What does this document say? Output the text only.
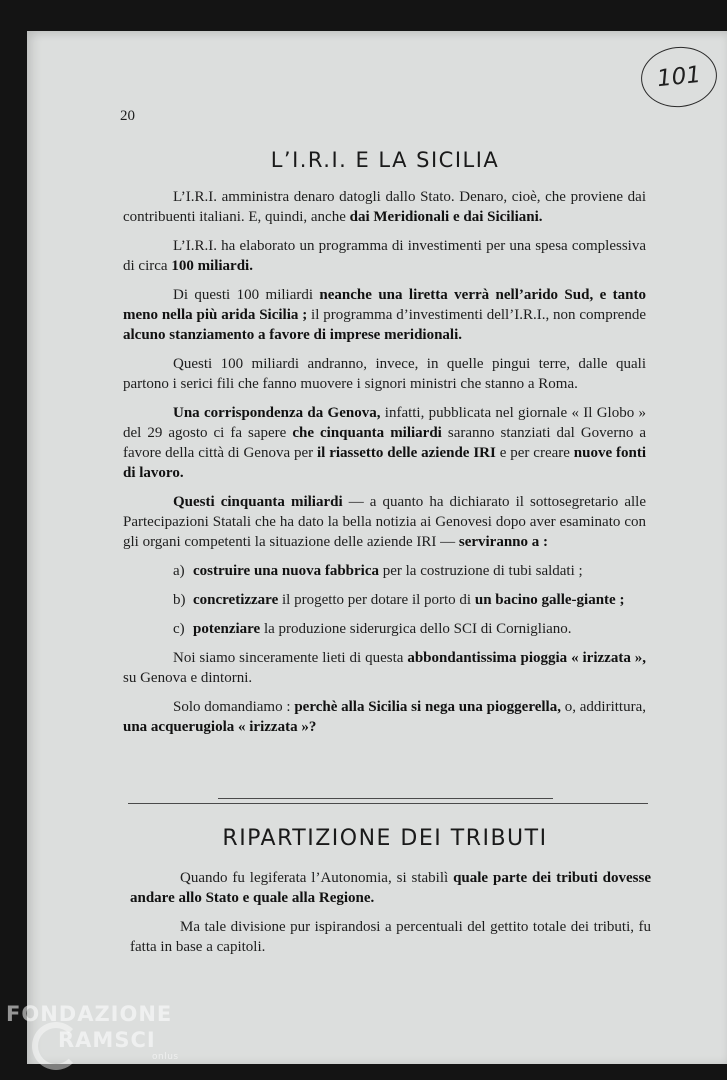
101
20
L’I.R.I. E LA SICILIA

L’I.R.I. amministra denaro datogli dallo Stato. Denaro, cioè, che proviene dai contribuenti italiani. E, quindi, anche dai Meridionali e dai Siciliani.

L’I.R.I. ha elaborato un programma di investimenti per una spesa complessiva di circa 100 miliardi.

Di questi 100 miliardi neanche una liretta verrà nell’arido Sud, e tanto meno nella più arida Sicilia ; il programma d’investimenti dell’I.R.I., non comprende alcuno stanziamento a favore di imprese meridionali.

Questi 100 miliardi andranno, invece, in quelle pingui terre, dalle quali partono i serici fili che fanno muovere i signori ministri che stanno a Roma.

Una corrispondenza da Genova, infatti, pubblicata nel giornale « Il Globo » del 29 agosto ci fa sapere che cinquanta miliardi saranno stanziati dal Governo a favore della città di Genova per il riassetto delle aziende IRI e per creare nuove fonti di lavoro.

Questi cinquanta miliardi — a quanto ha dichiarato il sottosegretario alle Partecipazioni Statali che ha dato la bella notizia ai Genovesi dopo aver esaminato con gli organi competenti la situazione delle aziende IRI — serviranno a :

a) costruire una nuova fabbrica per la costruzione di tubi saldati ;

b) concretizzare il progetto per dotare il porto di un bacino galle-giante ;

c) potenziare la produzione siderurgica dello SCI di Cornigliano.

Noi siamo sinceramente lieti di questa abbondantissima pioggia « irizzata », su Genova e dintorni.

Solo domandiamo : perchè alla Sicilia si nega una pioggerella, o, addirittura, una acquerugiola « irizzata »?

RIPARTIZIONE DEI TRIBUTI

Quando fu legiferata l’Autonomia, si stabilì quale parte dei tributi dovesse andare allo Stato e quale alla Regione.

Ma tale divisione pur ispirandosi a percentuali del gettito totale dei tributi, fu fatta in base a capitoli.

FONDAZIONE
RAMSCI
onlus
